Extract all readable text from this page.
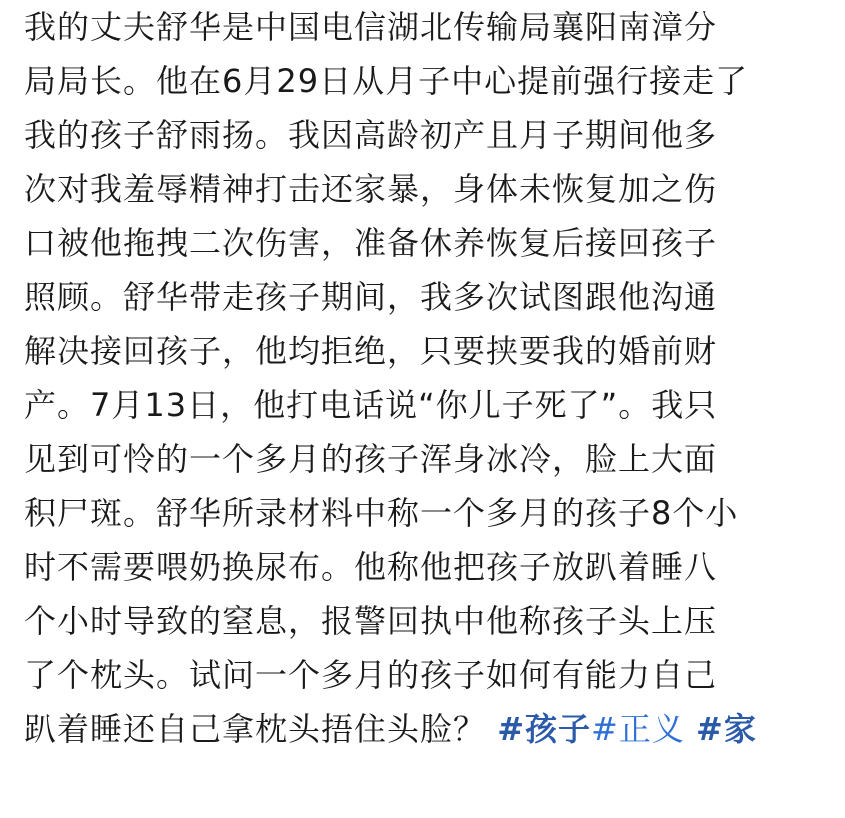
我的丈夫舒华是中国电信湖北传输局襄阳南漳分
局局长。他在6月29日从月子中心提前强行接走了
我的孩子舒雨扬。我因高龄初产且月子期间他多
次对我羞辱精神打击还家暴，身体未恢复加之伤
口被他拖拽二次伤害，准备休养恢复后接回孩子
照顾。舒华带走孩子期间，我多次试图跟他沟通
解决接回孩子，他均拒绝，只要挟要我的婚前财
产。7月13日，他打电话说“你儿子死了”。我只
见到可怜的一个多月的孩子浑身冰冷，脸上大面
积尸斑。舒华所录材料中称一个多月的孩子8个小
时不需要喂奶换尿布。他称他把孩子放趴着睡八
个小时导致的窒息，报警回执中他称孩子头上压
了个枕头。试问一个多月的孩子如何有能力自己
趴着睡还自己拿枕头捂住头脸？ #孩子#正义 #家
